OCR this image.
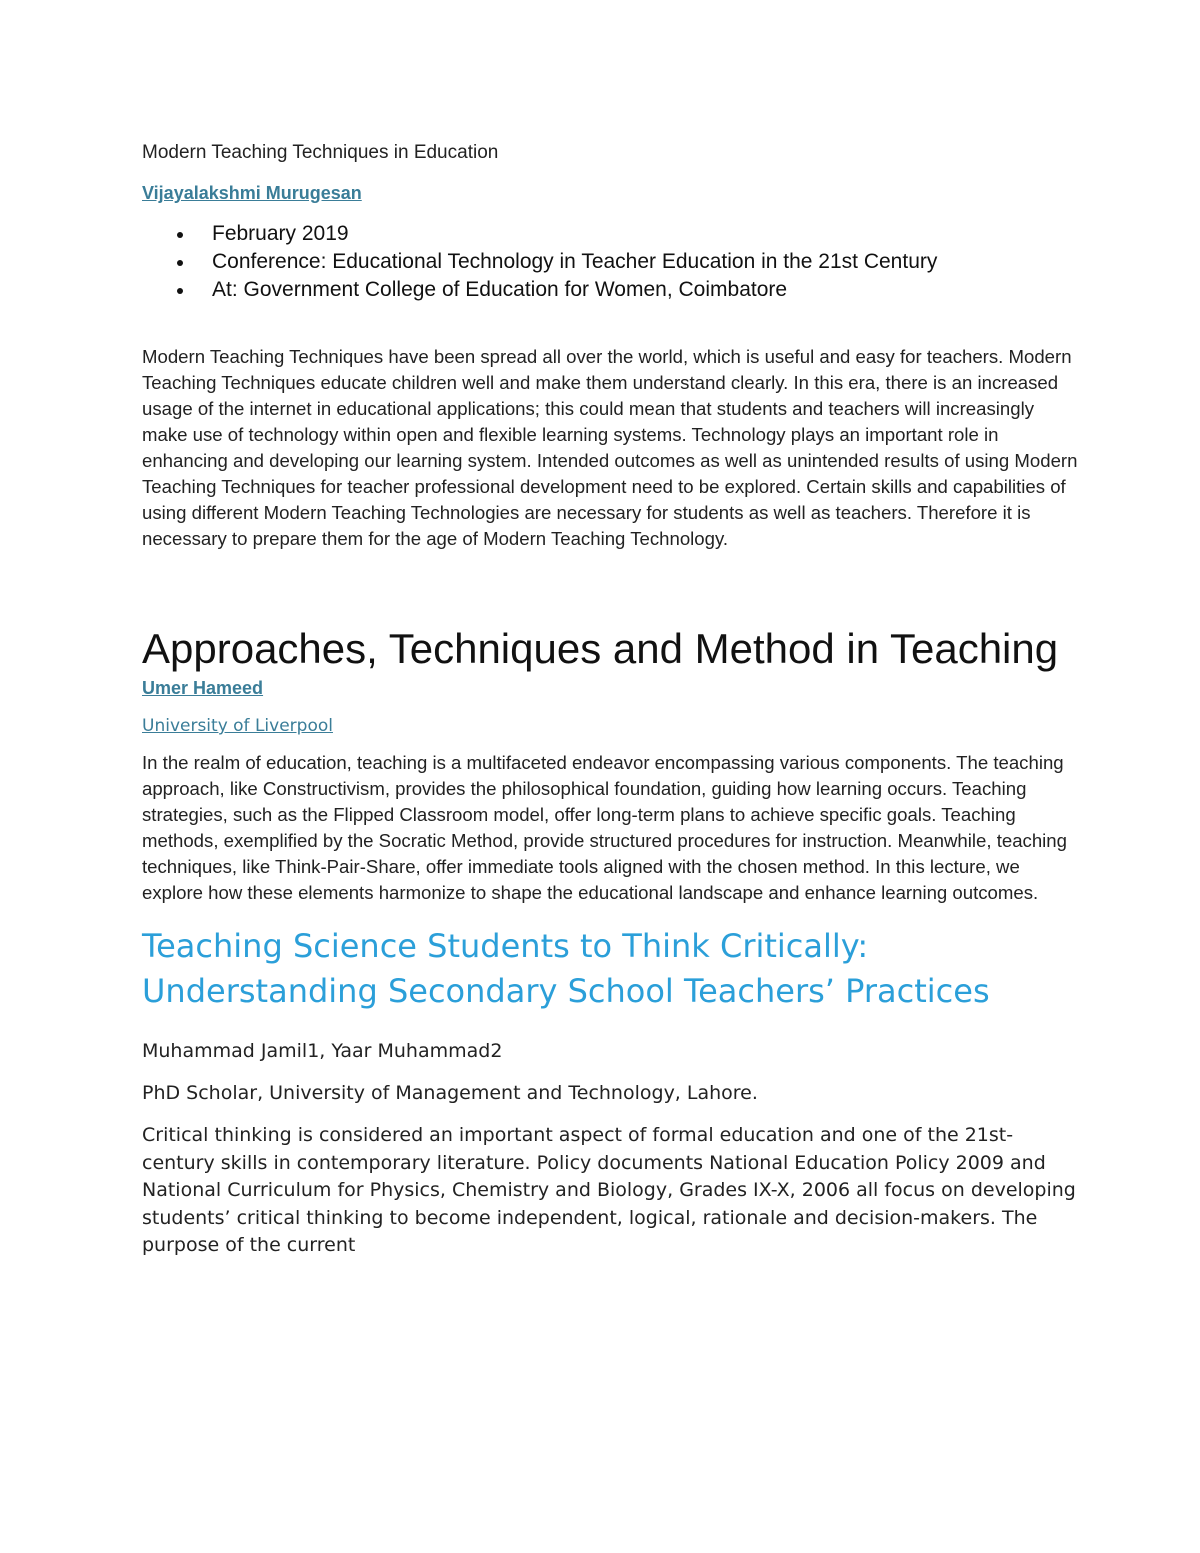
Modern Teaching Techniques in Education

Vijayalakshmi Murugesan
February 2019
Conference: Educational Technology in Teacher Education in the 21st Century
At: Government College of Education for Women, Coimbatore

Modern Teaching Techniques have been spread all over the world, which is useful and easy for teachers. Modern Teaching Techniques educate children well and make them understand clearly. In this era, there is an increased usage of the internet in educational applications; this could mean that students and teachers will increasingly make use of technology within open and flexible learning systems. Technology plays an important role in enhancing and developing our learning system. Intended outcomes as well as unintended results of using Modern Teaching Techniques for teacher professional development need to be explored. Certain skills and capabilities of using different Modern Teaching Technologies are necessary for students as well as teachers. Therefore it is necessary to prepare them for the age of Modern Teaching Technology.

Approaches, Techniques and Method in Teaching
Umer Hameed
University of Liverpool

In the realm of education, teaching is a multifaceted endeavor encompassing various components. The teaching approach, like Constructivism, provides the philosophical foundation, guiding how learning occurs. Teaching strategies, such as the Flipped Classroom model, offer long-term plans to achieve specific goals. Teaching methods, exemplified by the Socratic Method, provide structured procedures for instruction. Meanwhile, teaching techniques, like Think-Pair-Share, offer immediate tools aligned with the chosen method. In this lecture, we explore how these elements harmonize to shape the educational landscape and enhance learning outcomes.

Teaching Science Students to Think Critically: Understanding Secondary School Teachers’ Practices

Muhammad Jamil1, Yaar Muhammad2

PhD Scholar, University of Management and Technology, Lahore.

Critical thinking is considered an important aspect of formal education and one of the 21st-century skills in contemporary literature. Policy documents National Education Policy 2009 and National Curriculum for Physics, Chemistry and Biology, Grades IX-X, 2006 all focus on developing students’ critical thinking to become independent, logical, rationale and decision-makers. The purpose of the current
